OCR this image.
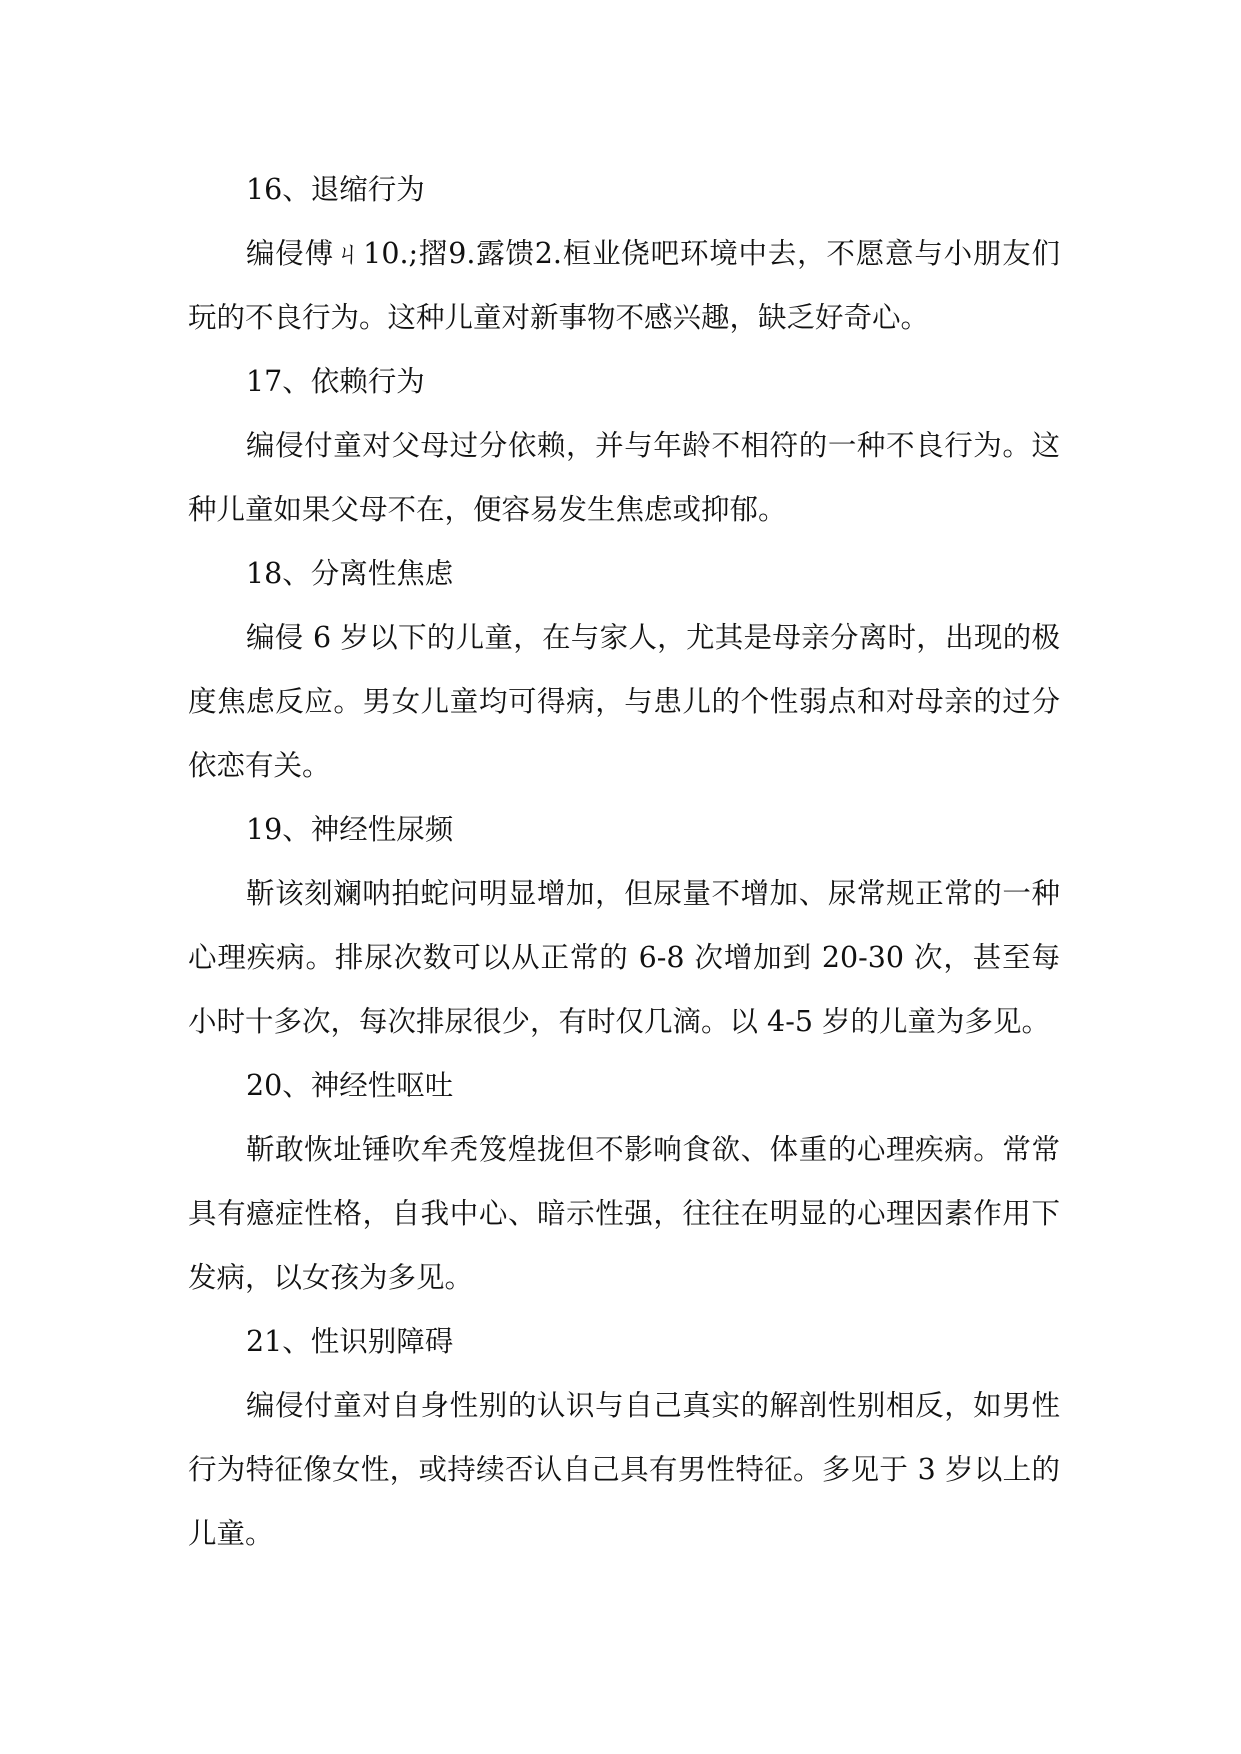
16、退缩行为

编侵傅ㄐ10.;摺9.露馈2.桓业侥吧环境中去，不愿意与小朋友们玩的不良行为。这种儿童对新事物不感兴趣，缺乏好奇心。

17、依赖行为

编侵付童对父母过分依赖，并与年龄不相符的一种不良行为。这种儿童如果父母不在，便容易发生焦虑或抑郁。

18、分离性焦虑

编侵 6 岁以下的儿童，在与家人，尤其是母亲分离时，出现的极度焦虑反应。男女儿童均可得病，与患儿的个性弱点和对母亲的过分依恋有关。

19、神经性尿频

靳该刻斓呐拍蛇问明显增加，但尿量不增加、尿常规正常的一种心理疾病。排尿次数可以从正常的 6-8 次增加到 20-30 次，甚至每小时十多次，每次排尿很少，有时仅几滴。以 4-5 岁的儿童为多见。

20、神经性呕吐

靳敢恢址锤吹牟秃笈煌拢但不影响食欲、体重的心理疾病。常常具有癔症性格，自我中心、暗示性强，往往在明显的心理因素作用下发病，以女孩为多见。

21、性识别障碍

编侵付童对自身性别的认识与自己真实的解剖性别相反，如男性行为特征像女性，或持续否认自己具有男性特征。多见于 3 岁以上的儿童。
